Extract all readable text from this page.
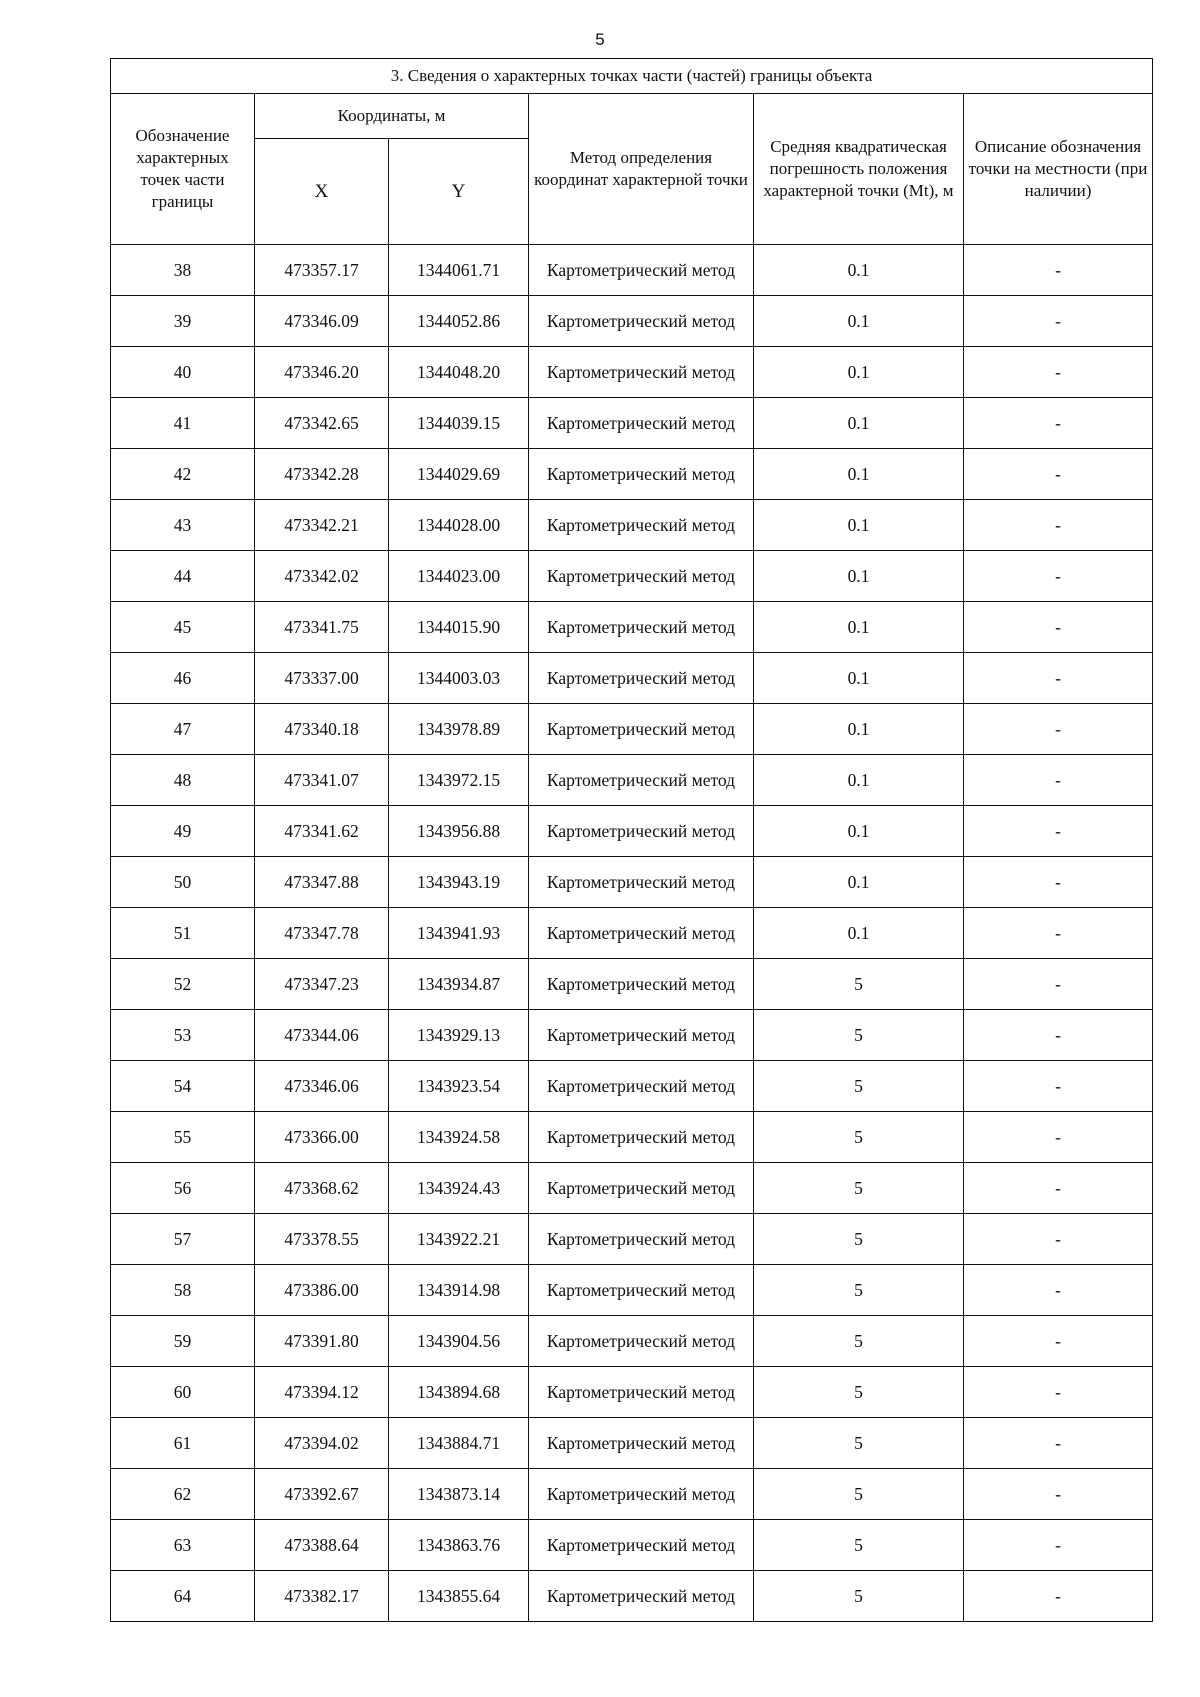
5
3. Сведения о характерных точках части (частей) границы объекта					
Обозначение характерных точек части границы	Координаты, м		Метод определения координат характерной точки	Средняя квадратическая погрешность положения характерной точки (Mt), м	Описание обозначения точки на местности (при наличии)
	X	Y			
38	473357.17	1344061.71	Картометрический метод	0.1	-
39	473346.09	1344052.86	Картометрический метод	0.1	-
40	473346.20	1344048.20	Картометрический метод	0.1	-
41	473342.65	1344039.15	Картометрический метод	0.1	-
42	473342.28	1344029.69	Картометрический метод	0.1	-
43	473342.21	1344028.00	Картометрический метод	0.1	-
44	473342.02	1344023.00	Картометрический метод	0.1	-
45	473341.75	1344015.90	Картометрический метод	0.1	-
46	473337.00	1344003.03	Картометрический метод	0.1	-
47	473340.18	1343978.89	Картометрический метод	0.1	-
48	473341.07	1343972.15	Картометрический метод	0.1	-
49	473341.62	1343956.88	Картометрический метод	0.1	-
50	473347.88	1343943.19	Картометрический метод	0.1	-
51	473347.78	1343941.93	Картометрический метод	0.1	-
52	473347.23	1343934.87	Картометрический метод	5	-
53	473344.06	1343929.13	Картометрический метод	5	-
54	473346.06	1343923.54	Картометрический метод	5	-
55	473366.00	1343924.58	Картометрический метод	5	-
56	473368.62	1343924.43	Картометрический метод	5	-
57	473378.55	1343922.21	Картометрический метод	5	-
58	473386.00	1343914.98	Картометрический метод	5	-
59	473391.80	1343904.56	Картометрический метод	5	-
60	473394.12	1343894.68	Картометрический метод	5	-
61	473394.02	1343884.71	Картометрический метод	5	-
62	473392.67	1343873.14	Картометрический метод	5	-
63	473388.64	1343863.76	Картометрический метод	5	-
64	473382.17	1343855.64	Картометрический метод	5	-
